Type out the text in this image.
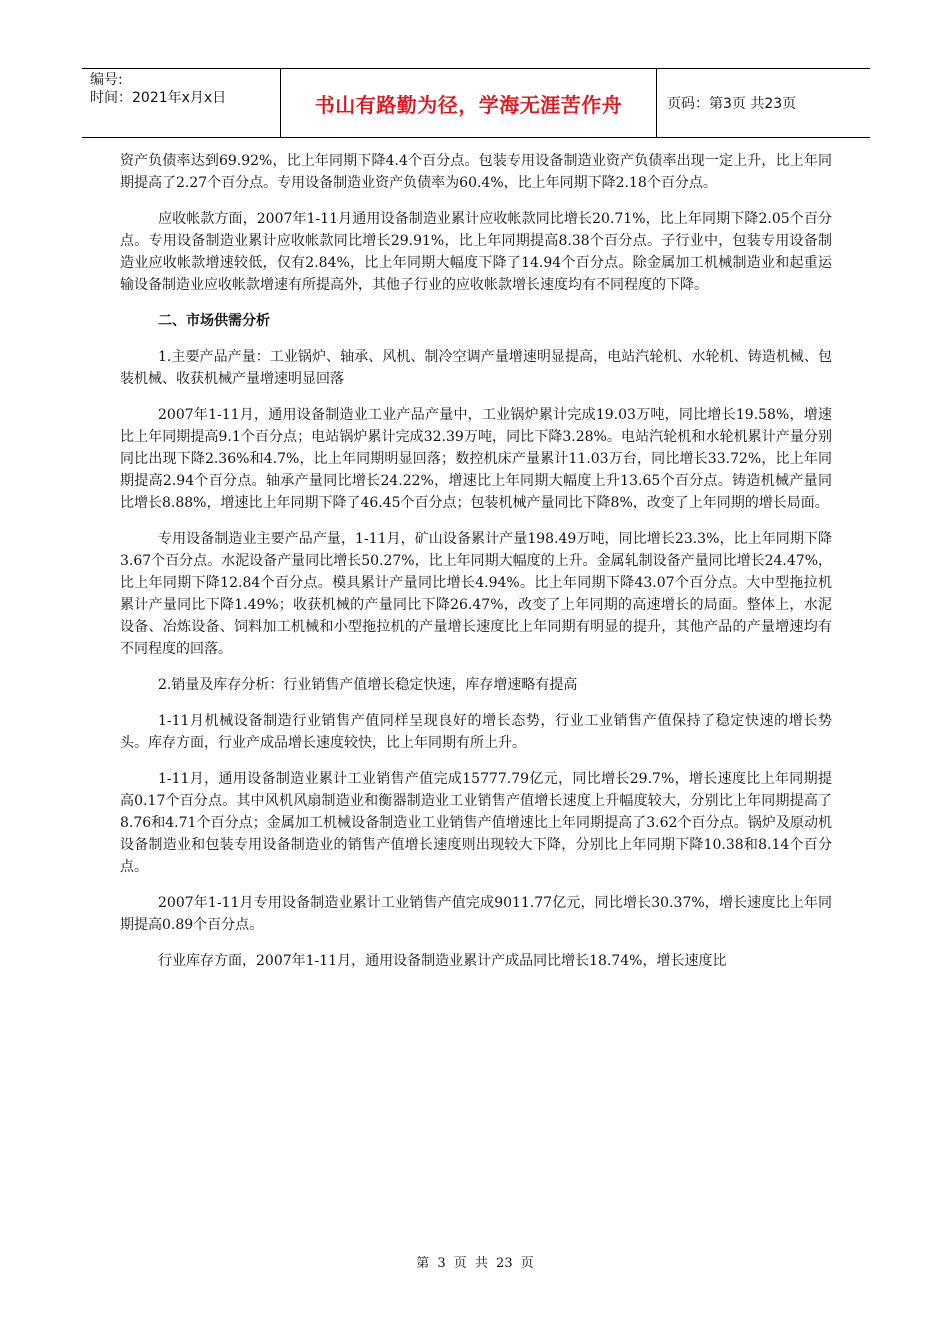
编号:
时间：2021年x月x日	书山有路勤为径，学海无涯苦作舟	页码：第3页 共23页

资产负债率达到69.92%，比上年同期下降4.4个百分点。包装专用设备制造业资产负债率出现一定上升，比上年同期提高了2.27个百分点。专用设备制造业资产负债率为60.4%，比上年同期下降2.18个百分点。

应收帐款方面，2007年1-11月通用设备制造业累计应收帐款同比增长20.71%，比上年同期下降2.05个百分点。专用设备制造业累计应收帐款同比增长29.91%，比上年同期提高8.38个百分点。子行业中，包装专用设备制造业应收帐款增速较低，仅有2.84%，比上年同期大幅度下降了14.94个百分点。除金属加工机械制造业和起重运输设备制造业应收帐款增速有所提高外，其他子行业的应收帐款增长速度均有不同程度的下降。

二、市场供需分析

1.主要产品产量：工业锅炉、轴承、风机、制冷空调产量增速明显提高，电站汽轮机、水轮机、铸造机械、包装机械、收获机械产量增速明显回落

2007年1-11月，通用设备制造业工业产品产量中，工业锅炉累计完成19.03万吨，同比增长19.58%，增速比上年同期提高9.1个百分点；电站锅炉累计完成32.39万吨，同比下降3.28%。电站汽轮机和水轮机累计产量分别同比出现下降2.36%和4.7%，比上年同期明显回落；数控机床产量累计11.03万台，同比增长33.72%，比上年同期提高2.94个百分点。轴承产量同比增长24.22%，增速比上年同期大幅度上升13.65个百分点。铸造机械产量同比增长8.88%，增速比上年同期下降了46.45个百分点；包装机械产量同比下降8%，改变了上年同期的增长局面。

专用设备制造业主要产品产量，1-11月，矿山设备累计产量198.49万吨，同比增长23.3%，比上年同期下降3.67个百分点。水泥设备产量同比增长50.27%，比上年同期大幅度的上升。金属轧制设备产量同比增长24.47%，比上年同期下降12.84个百分点。模具累计产量同比增长4.94%。比上年同期下降43.07个百分点。大中型拖拉机累计产量同比下降1.49%；收获机械的产量同比下降26.47%，改变了上年同期的高速增长的局面。整体上，水泥设备、冶炼设备、饲料加工机械和小型拖拉机的产量增长速度比上年同期有明显的提升，其他产品的产量增速均有不同程度的回落。

2.销量及库存分析：行业销售产值增长稳定快速，库存增速略有提高

1-11月机械设备制造行业销售产值同样呈现良好的增长态势，行业工业销售产值保持了稳定快速的增长势头。库存方面，行业产成品增长速度较快，比上年同期有所上升。

1-11月，通用设备制造业累计工业销售产值完成15777.79亿元，同比增长29.7%，增长速度比上年同期提高0.17个百分点。其中风机风扇制造业和衡器制造业工业销售产值增长速度上升幅度较大，分别比上年同期提高了8.76和4.71个百分点；金属加工机械设备制造业工业销售产值增速比上年同期提高了3.62个百分点。锅炉及原动机设备制造业和包装专用设备制造业的销售产值增长速度则出现较大下降，分别比上年同期下降10.38和8.14个百分点。

2007年1-11月专用设备制造业累计工业销售产值完成9011.77亿元，同比增长30.37%，增长速度比上年同期提高0.89个百分点。

行业库存方面，2007年1-11月，通用设备制造业累计产成品同比增长18.74%，增长速度比

第 3 页 共 23 页
